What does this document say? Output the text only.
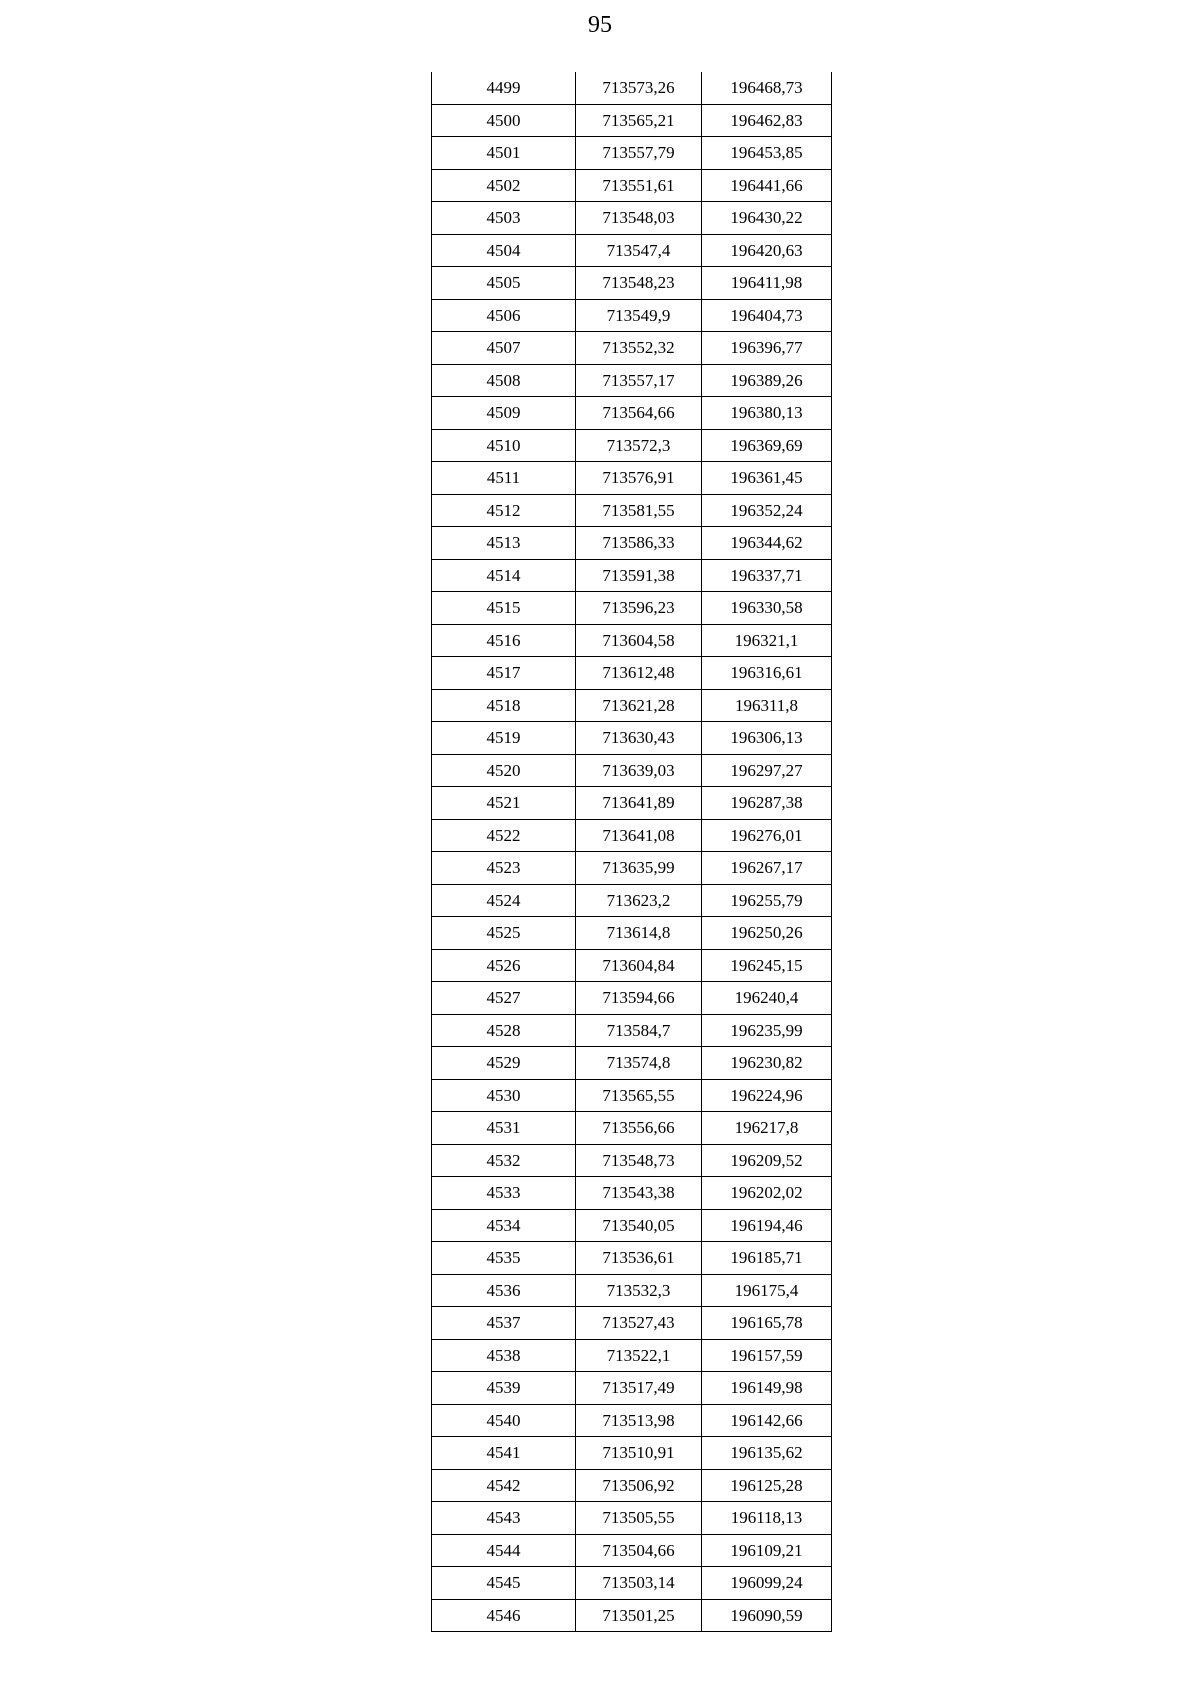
95
4499	713573,26	196468,73
4500	713565,21	196462,83
4501	713557,79	196453,85
4502	713551,61	196441,66
4503	713548,03	196430,22
4504	713547,4	196420,63
4505	713548,23	196411,98
4506	713549,9	196404,73
4507	713552,32	196396,77
4508	713557,17	196389,26
4509	713564,66	196380,13
4510	713572,3	196369,69
4511	713576,91	196361,45
4512	713581,55	196352,24
4513	713586,33	196344,62
4514	713591,38	196337,71
4515	713596,23	196330,58
4516	713604,58	196321,1
4517	713612,48	196316,61
4518	713621,28	196311,8
4519	713630,43	196306,13
4520	713639,03	196297,27
4521	713641,89	196287,38
4522	713641,08	196276,01
4523	713635,99	196267,17
4524	713623,2	196255,79
4525	713614,8	196250,26
4526	713604,84	196245,15
4527	713594,66	196240,4
4528	713584,7	196235,99
4529	713574,8	196230,82
4530	713565,55	196224,96
4531	713556,66	196217,8
4532	713548,73	196209,52
4533	713543,38	196202,02
4534	713540,05	196194,46
4535	713536,61	196185,71
4536	713532,3	196175,4
4537	713527,43	196165,78
4538	713522,1	196157,59
4539	713517,49	196149,98
4540	713513,98	196142,66
4541	713510,91	196135,62
4542	713506,92	196125,28
4543	713505,55	196118,13
4544	713504,66	196109,21
4545	713503,14	196099,24
4546	713501,25	196090,59
